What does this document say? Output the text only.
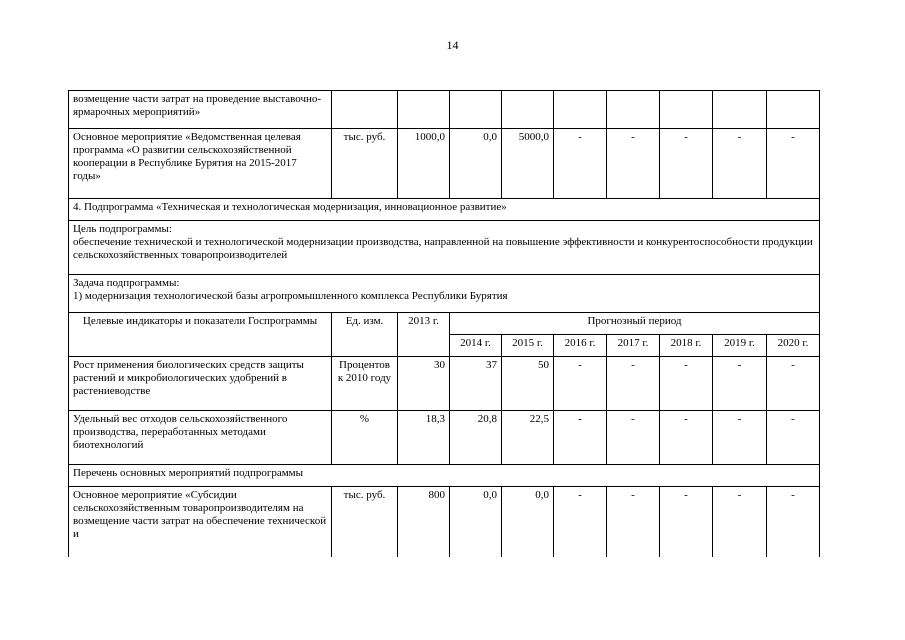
14
возмещение части затрат на проведение выставочно-ярмарочных мероприятий»									
Основное мероприятие «Ведомственная целевая программа «О развитии сельскохозяйственной кооперации в Республике Бурятия на 2015-2017 годы»	тыс. руб.	1000,0	0,0	5000,0	-	-	-	-	-
4. Подпрограмма «Техническая и технологическая модернизация, инновационное развитие»									

Цель подпрограммы:
обеспечение технической и технологической модернизации производства, направленной на повышение эффективности и конкурентоспособности продукции сельскохозяйственных товаропроизводителей									

Задача подпрограммы:
1) модернизация технологической базы агропромышленного комплекса Республики Бурятия									

Целевые индикаторы и показатели Госпрограммы	Ед. изм.	2013 г.	Прогнозный период						
			2014 г.	2015 г.	2016 г.	2017 г.	2018 г.	2019 г.	2020 г.
Рост применения биологических средств защиты растений и микробиологических удобрений в растениеводстве	Процентов к 2010 году	30	37	50	-	-	-	-	-
Удельный вес отходов сельскохозяйственного производства, переработанных методами биотехнологий	%	18,3	20,8	22,5	-	-	-	-	-
Перечень основных мероприятий подпрограммы									
Основное мероприятие «Субсидии сельскохозяйственным товаропроизводителям на возмещение части затрат на обеспечение технической и	тыс. руб.	800	0,0	0,0	-	-	-	-	-
